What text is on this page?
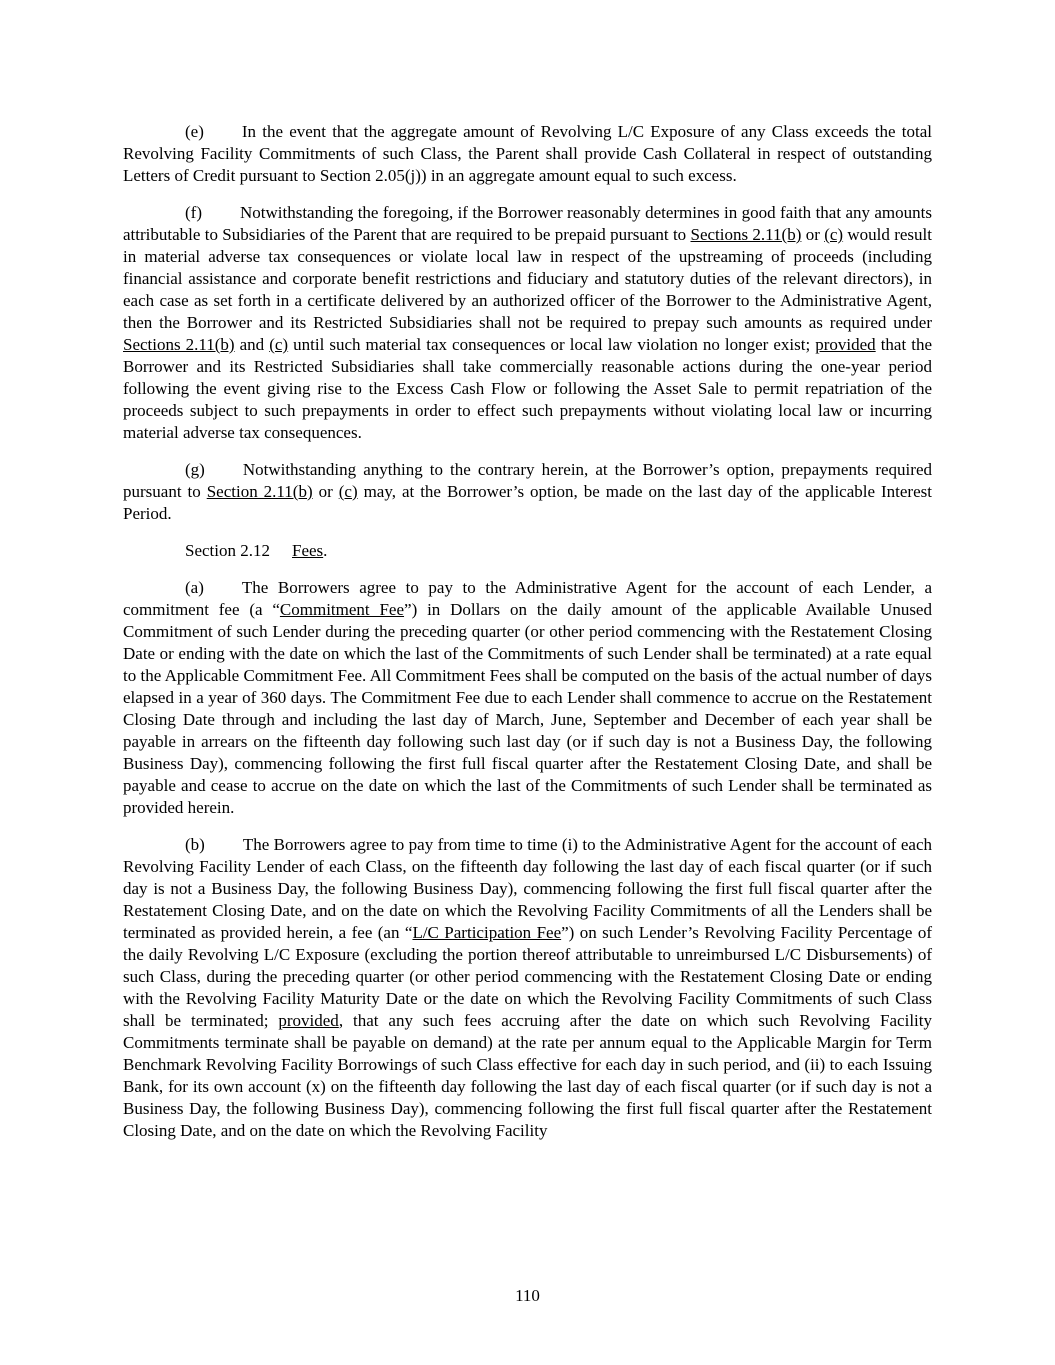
(e) In the event that the aggregate amount of Revolving L/C Exposure of any Class exceeds the total Revolving Facility Commitments of such Class, the Parent shall provide Cash Collateral in respect of outstanding Letters of Credit pursuant to Section 2.05(j)) in an aggregate amount equal to such excess.

(f) Notwithstanding the foregoing, if the Borrower reasonably determines in good faith that any amounts attributable to Subsidiaries of the Parent that are required to be prepaid pursuant to Sections 2.11(b) or (c) would result in material adverse tax consequences or violate local law in respect of the upstreaming of proceeds (including financial assistance and corporate benefit restrictions and fiduciary and statutory duties of the relevant directors), in each case as set forth in a certificate delivered by an authorized officer of the Borrower to the Administrative Agent, then the Borrower and its Restricted Subsidiaries shall not be required to prepay such amounts as required under Sections 2.11(b) and (c) until such material tax consequences or local law violation no longer exist; provided that the Borrower and its Restricted Subsidiaries shall take commercially reasonable actions during the one-year period following the event giving rise to the Excess Cash Flow or following the Asset Sale to permit repatriation of the proceeds subject to such prepayments in order to effect such prepayments without violating local law or incurring material adverse tax consequences.

(g) Notwithstanding anything to the contrary herein, at the Borrower’s option, prepayments required pursuant to Section 2.11(b) or (c) may, at the Borrower’s option, be made on the last day of the applicable Interest Period.

Section 2.12 Fees.

(a) The Borrowers agree to pay to the Administrative Agent for the account of each Lender, a commitment fee (a “Commitment Fee”) in Dollars on the daily amount of the applicable Available Unused Commitment of such Lender during the preceding quarter (or other period commencing with the Restatement Closing Date or ending with the date on which the last of the Commitments of such Lender shall be terminated) at a rate equal to the Applicable Commitment Fee. All Commitment Fees shall be computed on the basis of the actual number of days elapsed in a year of 360 days. The Commitment Fee due to each Lender shall commence to accrue on the Restatement Closing Date through and including the last day of March, June, September and December of each year shall be payable in arrears on the fifteenth day following such last day (or if such day is not a Business Day, the following Business Day), commencing following the first full fiscal quarter after the Restatement Closing Date, and shall be payable and cease to accrue on the date on which the last of the Commitments of such Lender shall be terminated as provided herein.

(b) The Borrowers agree to pay from time to time (i) to the Administrative Agent for the account of each Revolving Facility Lender of each Class, on the fifteenth day following the last day of each fiscal quarter (or if such day is not a Business Day, the following Business Day), commencing following the first full fiscal quarter after the Restatement Closing Date, and on the date on which the Revolving Facility Commitments of all the Lenders shall be terminated as provided herein, a fee (an “L/C Participation Fee”) on such Lender’s Revolving Facility Percentage of the daily Revolving L/C Exposure (excluding the portion thereof attributable to unreimbursed L/C Disbursements) of such Class, during the preceding quarter (or other period commencing with the Restatement Closing Date or ending with the Revolving Facility Maturity Date or the date on which the Revolving Facility Commitments of such Class shall be terminated; provided, that any such fees accruing after the date on which such Revolving Facility Commitments terminate shall be payable on demand) at the rate per annum equal to the Applicable Margin for Term Benchmark Revolving Facility Borrowings of such Class effective for each day in such period, and (ii) to each Issuing Bank, for its own account (x) on the fifteenth day following the last day of each fiscal quarter (or if such day is not a Business Day, the following Business Day), commencing following the first full fiscal quarter after the Restatement Closing Date, and on the date on which the Revolving Facility

110
